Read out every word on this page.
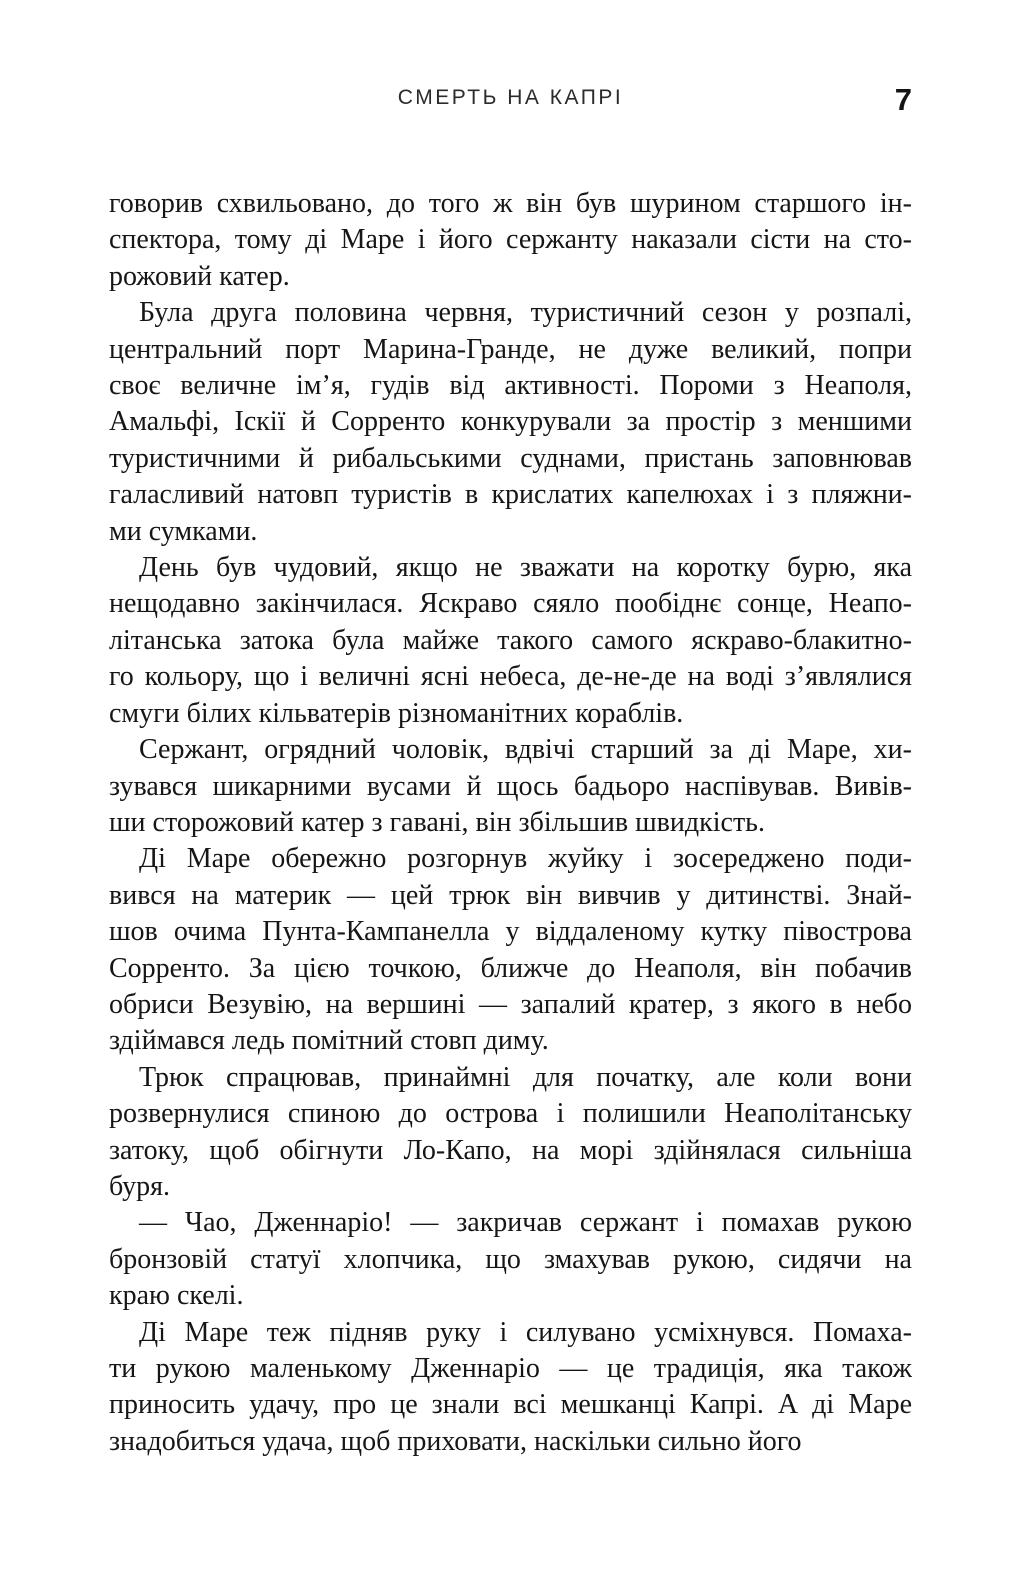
СМЕРТЬ НА КАПРІ	7
говорив схвильовано, до того ж він був шурином старшого ін-
спектора, тому ді Маре і його сержанту наказали сісти на сто-
рожовий катер.
Була друга половина червня, туристичний сезон у розпалі,
центральний порт Марина-Гранде, не дуже великий, попри
своє величне ім’я, гудів від активності. Пороми з Неаполя,
Амальфі, Іскії й Сорренто конкурували за простір з меншими
туристичними й рибальськими суднами, пристань заповнював
галасливий натовп туристів в крислатих капелюхах і з пляжни-
ми сумками.
День був чудовий, якщо не зважати на коротку бурю, яка
нещодавно закінчилася. Яскраво сяяло пообіднє сонце, Неапо-
літанська затока була майже такого самого яскраво-блакитно-
го кольору, що і величні ясні небеса, де-не-де на воді з’являлися
смуги білих кільватерів різноманітних кораблів.
Сержант, огрядний чоловік, вдвічі старший за ді Маре, хи-
зувався шикарними вусами й щось бадьоро наспівував. Вивів-
ши сторожовий катер з гавані, він збільшив швидкість.
Ді Маре обережно розгорнув жуйку і зосереджено поди-
вився на материк — цей трюк він вивчив у дитинстві. Знай-
шов очима Пунта-Кампанелла у віддаленому кутку півострова
Сорренто. За цією точкою, ближче до Неаполя, він побачив
обриси Везувію, на вершині — запалий кратер, з якого в небо
здіймався ледь помітний стовп диму.
Трюк спрацював, принаймні для початку, але коли вони
розвернулися спиною до острова і полишили Неаполітанську
затоку, щоб обігнути Ло-Капо, на морі здійнялася сильніша
буря.
— Чао, Дженнаріо! — закричав сержант і помахав рукою
бронзовій статуї хлопчика, що змахував рукою, сидячи на
краю скелі.
Ді Маре теж підняв руку і силувано усміхнувся. Помаха-
ти рукою маленькому Дженнаріо — це традиція, яка також
приносить удачу, про це знали всі мешканці Капрі. А ді Маре
знадобиться удача, щоб приховати, наскільки сильно його
